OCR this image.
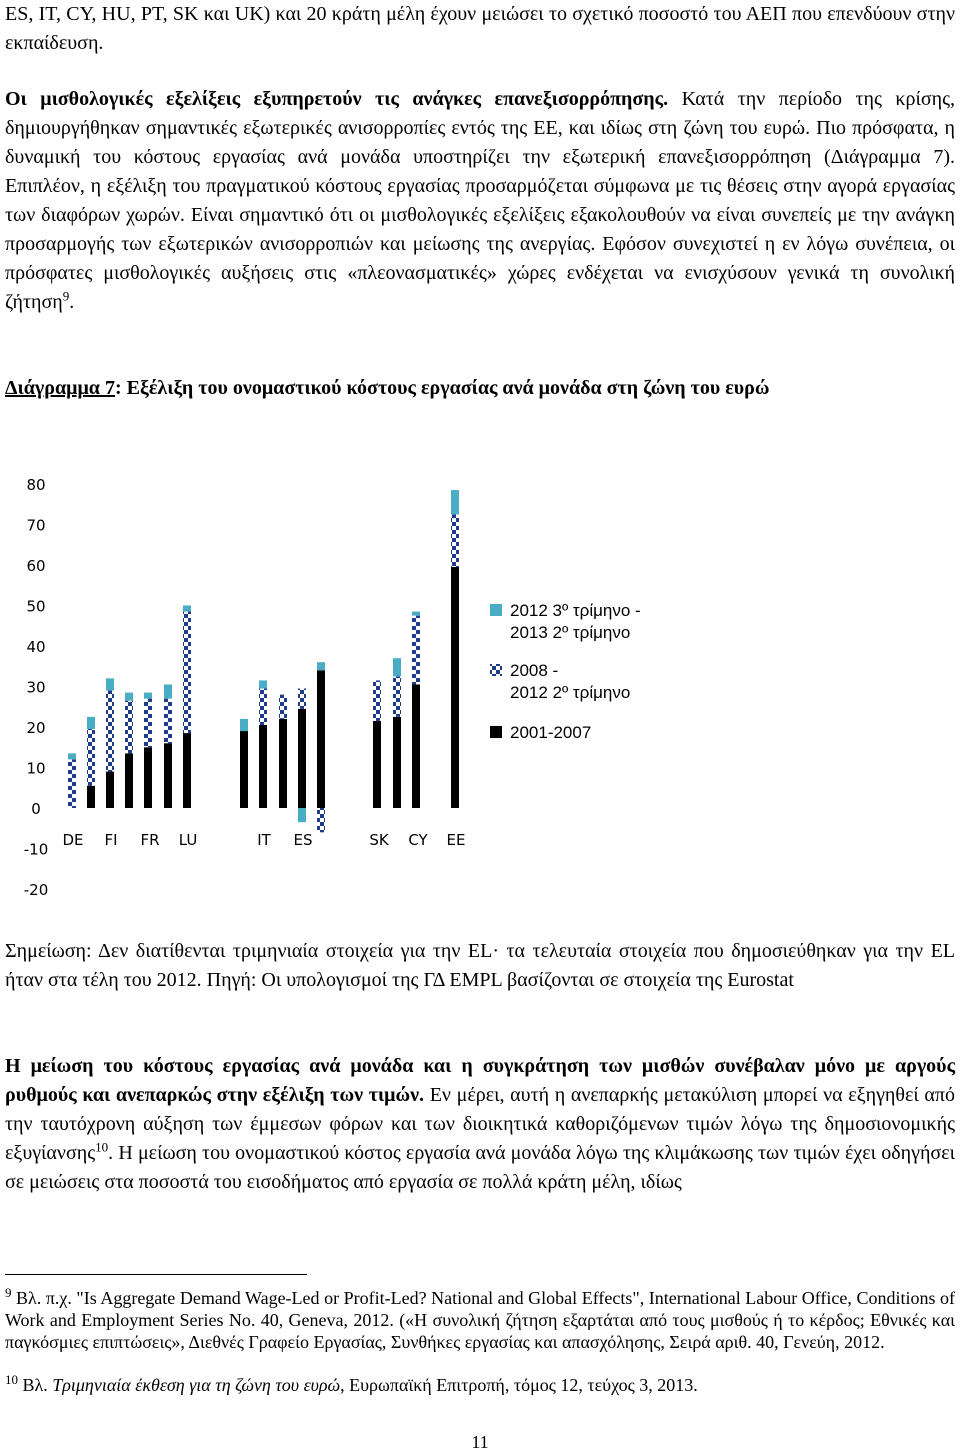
ES, IT, CY, HU, PT, SK και UK) και 20 κράτη μέλη έχουν μειώσει το σχετικό ποσοστό του ΑΕΠ που επενδύουν στην εκπαίδευση.

Οι μισθολογικές εξελίξεις εξυπηρετούν τις ανάγκες επανεξισορρόπησης. Κατά την περίοδο της κρίσης, δημιουργήθηκαν σημαντικές εξωτερικές ανισορροπίες εντός της ΕΕ, και ιδίως στη ζώνη του ευρώ. Πιο πρόσφατα, η δυναμική του κόστους εργασίας ανά μονάδα υποστηρίζει την εξωτερική επανεξισορρόπηση (Διάγραμμα 7). Επιπλέον, η εξέλιξη του πραγματικού κόστους εργασίας προσαρμόζεται σύμφωνα με τις θέσεις στην αγορά εργασίας των διαφόρων χωρών. Είναι σημαντικό ότι οι μισθολογικές εξελίξεις εξακολουθούν να είναι συνεπείς με την ανάγκη προσαρμογής των εξωτερικών ανισορροπιών και μείωσης της ανεργίας. Εφόσον συνεχιστεί η εν λόγω συνέπεια, οι πρόσφατες μισθολογικές αυξήσεις στις «πλεονασματικές» χώρες ενδέχεται να ενισχύσουν γενικά τη συνολική ζήτηση$^9$.

Διάγραμμα 7: Εξέλιξη του ονομαστικού κόστους εργασίας ανά μονάδα στη ζώνη του ευρώ

80
70
60
50
40
30
20
10
0
-10
-20
DE FI FR LU	IT ES	SK CY EE
2012 3º τρίμηνο -2013 2º τρίμηνο
2008 -2012 2º τρίμηνο
2001-2007

Σημείωση: Δεν διατίθενται τριμηνιαία στοιχεία για την EL· τα τελευταία στοιχεία που δημοσιεύθηκαν για την EL ήταν στα τέλη του 2012. Πηγή: Οι υπολογισμοί της ΓΔ EMPL βασίζονται σε στοιχεία της Eurostat

Η μείωση του κόστους εργασίας ανά μονάδα και η συγκράτηση των μισθών συνέβαλαν μόνο με αργούς ρυθμούς και ανεπαρκώς στην εξέλιξη των τιμών. Εν μέρει, αυτή η ανεπαρκής μετακύλιση μπορεί να εξηγηθεί από την ταυτόχρονη αύξηση των έμμεσων φόρων και των διοικητικά καθοριζόμενων τιμών λόγω της δημοσιονομικής εξυγίανσης$^{10}$. Η μείωση του ονομαστικού κόστος εργασία ανά μονάδα λόγω της κλιμάκωσης των τιμών έχει οδηγήσει σε μειώσεις στα ποσοστά του εισοδήματος από εργασία σε πολλά κράτη μέλη, ιδίως

$^9$ Βλ. π.χ. "Is Aggregate Demand Wage-Led or Profit-Led? National and Global Effects", International Labour Office, Conditions of Work and Employment Series No. 40, Geneva, 2012. («Η συνολική ζήτηση εξαρτάται από τους μισθούς ή το κέρδος; Εθνικές και παγκόσμιες επιπτώσεις», Διεθνές Γραφείο Εργασίας, Συνθήκες εργασίας και απασχόλησης, Σειρά αριθ. 40, Γενεύη, 2012.

$^{10}$ Βλ. Τριμηνιαία έκθεση για τη ζώνη του ευρώ, Ευρωπαϊκή Επιτροπή, τόμος 12, τεύχος 3, 2013.

11
